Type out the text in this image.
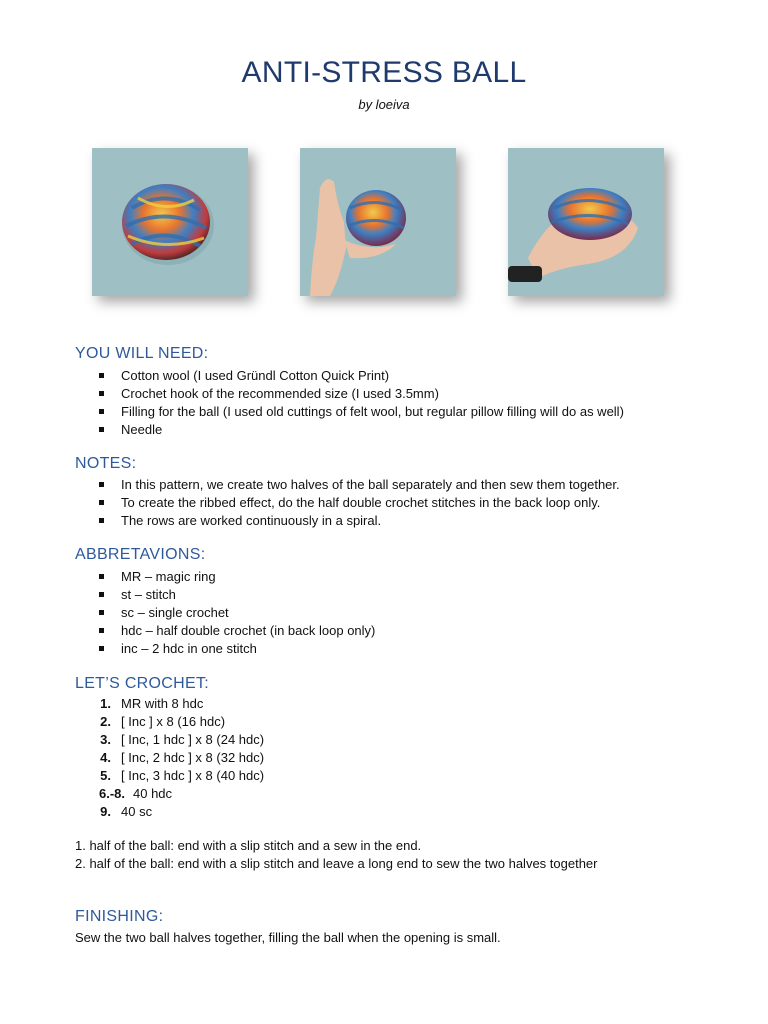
ANTI-STRESS BALL
by loeiva
YOU WILL NEED:
Cotton wool (I used Gründl Cotton Quick Print)
Crochet hook of the recommended size (I used 3.5mm)
Filling for the ball (I used old cuttings of felt wool, but regular pillow filling will do as well)
Needle
NOTES:
In this pattern, we create two halves of the ball separately and then sew them together.
To create the ribbed effect, do the half double crochet stitches in the back loop only.
The rows are worked continuously in a spiral.
ABBRETAVIONS:
MR – magic ring
st – stitch
sc – single crochet
hdc – half double crochet (in back loop only)
inc – 2 hdc in one stitch
LET’S CROCHET:
1. MR with 8 hdc
2. [ Inc ] x 8 (16 hdc)
3. [ Inc, 1 hdc ] x 8 (24 hdc)
4. [ Inc, 2 hdc ] x 8 (32 hdc)
5. [ Inc, 3 hdc ] x 8 (40 hdc)
6.-8. 40 hdc
9. 40 sc
1. half of the ball: end with a slip stitch and a sew in the end.
2. half of the ball: end with a slip stitch and leave a long end to sew the two halves together
FINISHING:
Sew the two ball halves together, filling the ball when the opening is small.
